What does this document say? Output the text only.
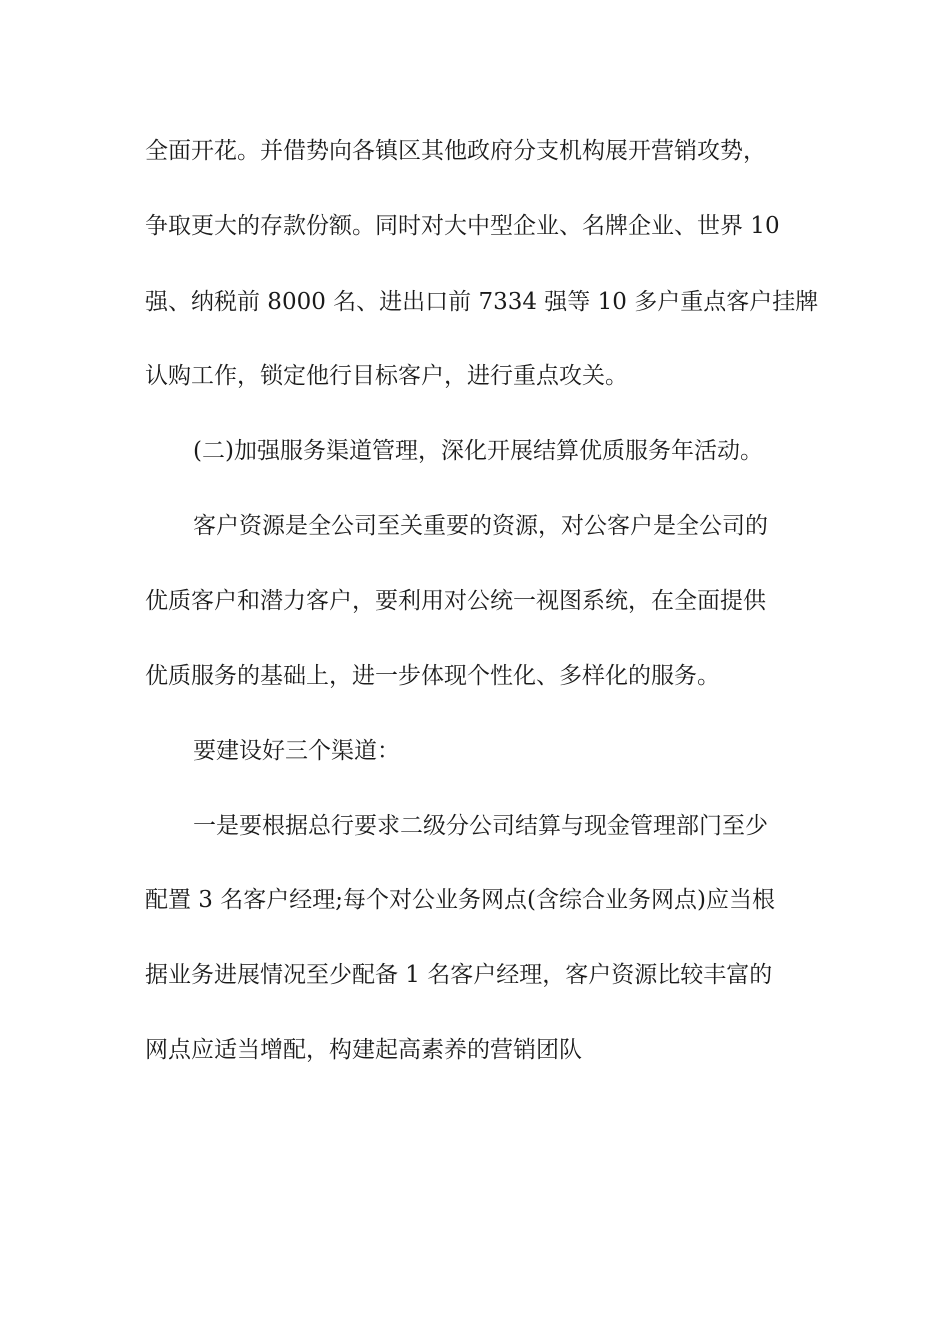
全面开花。并借势向各镇区其他政府分支机构展开营销攻势，
争取更大的存款份额。同时对大中型企业、名牌企业、世界 10
强、纳税前 8000 名、进出口前 7334 强等 10 多户重点客户挂牌
认购工作，锁定他行目标客户，进行重点攻关。
(二)加强服务渠道管理，深化开展结算优质服务年活动。
客户资源是全公司至关重要的资源，对公客户是全公司的
优质客户和潜力客户，要利用对公统一视图系统，在全面提供
优质服务的基础上，进一步体现个性化、多样化的服务。
要建设好三个渠道：
一是要根据总行要求二级分公司结算与现金管理部门至少
配置 3 名客户经理;每个对公业务网点(含综合业务网点)应当根
据业务进展情况至少配备 1 名客户经理，客户资源比较丰富的
网点应适当增配，构建起高素养的营销团队
